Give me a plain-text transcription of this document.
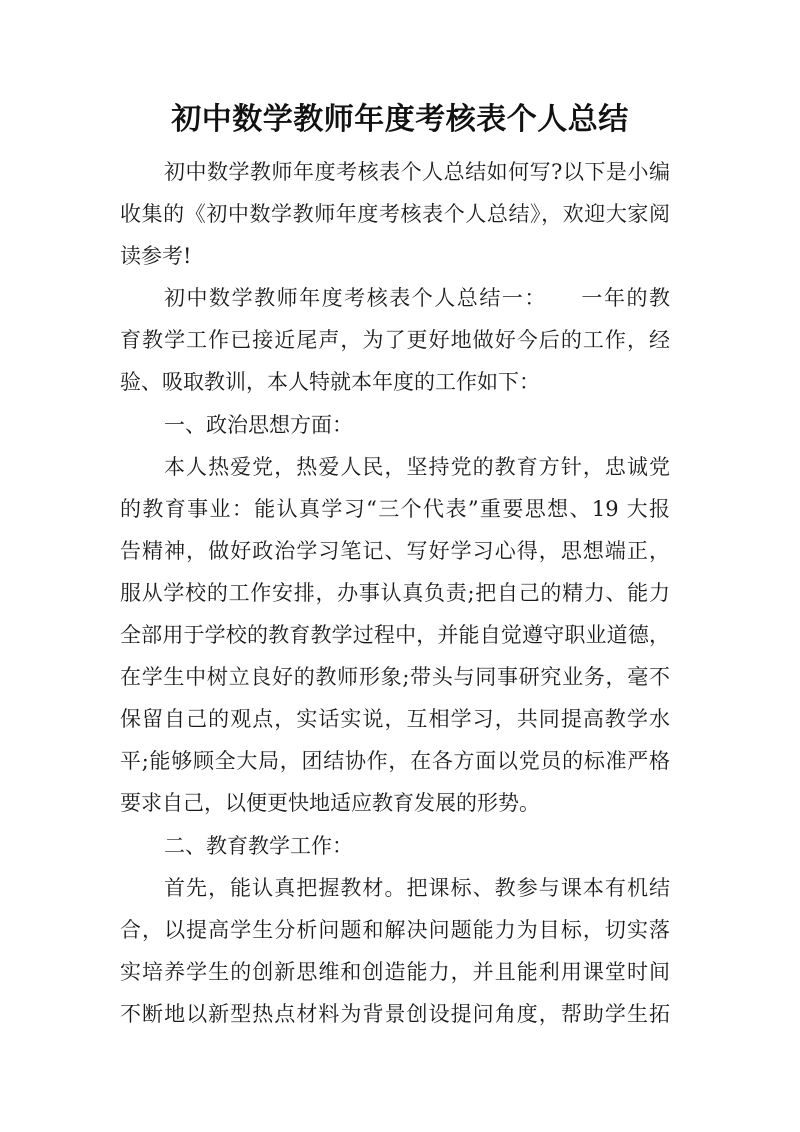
初中数学教师年度考核表个人总结
初中数学教师年度考核表个人总结如何写?以下是小编
收集的《初中数学教师年度考核表个人总结》，欢迎大家阅
读参考!
初中数学教师年度考核表个人总结一：　　一年的教
育教学工作已接近尾声，为了更好地做好今后的工作，经
验、吸取教训，本人特就本年度的工作如下：
一、政治思想方面：
本人热爱党，热爱人民，坚持党的教育方针，忠诚党
的教育事业：能认真学习“三个代表”重要思想、19 大报
告精神，做好政治学习笔记、写好学习心得，思想端正，
服从学校的工作安排，办事认真负责;把自己的精力、能力
全部用于学校的教育教学过程中，并能自觉遵守职业道德，
在学生中树立良好的教师形象;带头与同事研究业务，毫不
保留自己的观点，实话实说，互相学习，共同提高教学水
平;能够顾全大局，团结协作，在各方面以党员的标准严格
要求自己，以便更快地适应教育发展的形势。
二、教育教学工作：
首先，能认真把握教材。把课标、教参与课本有机结
合，以提高学生分析问题和解决问题能力为目标，切实落
实培养学生的创新思维和创造能力，并且能利用课堂时间
不断地以新型热点材料为背景创设提问角度，帮助学生拓
